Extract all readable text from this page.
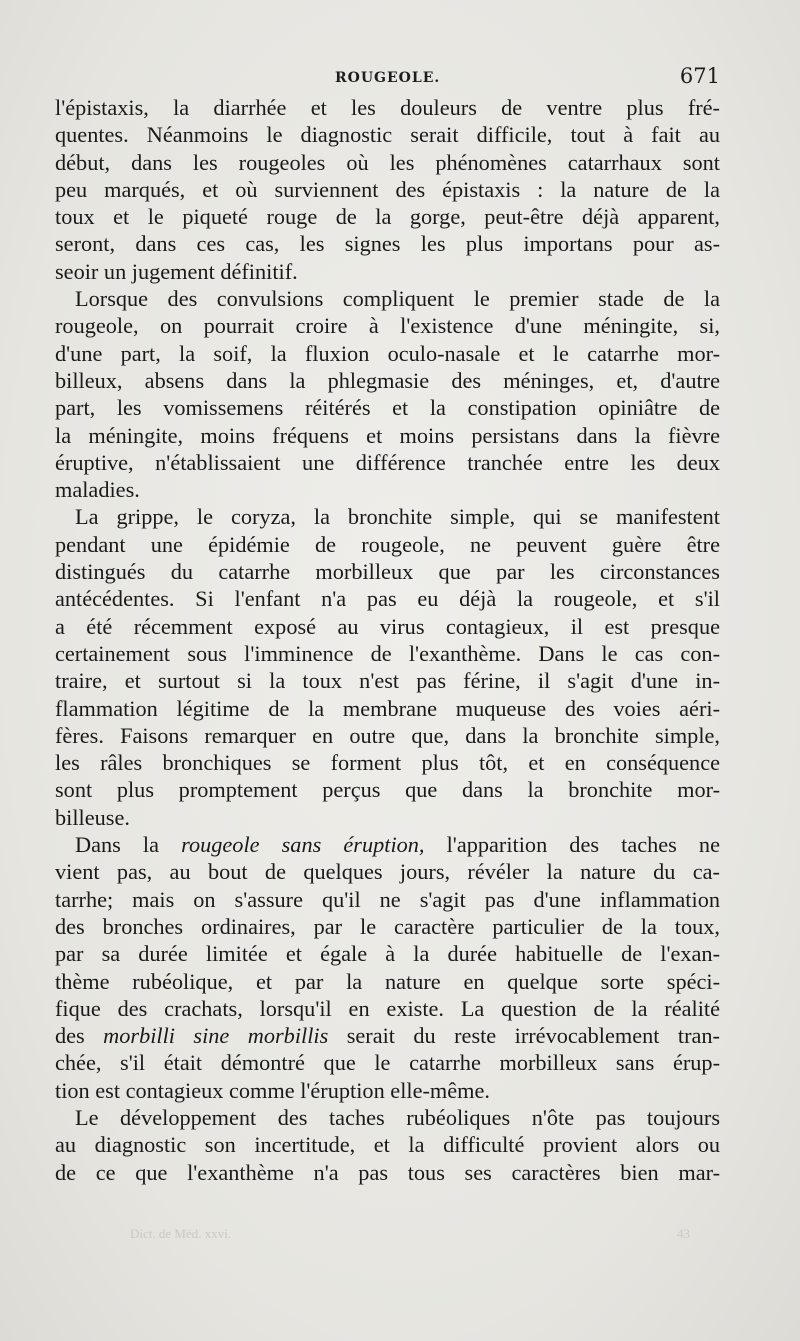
ROUGEOLE.	671

l'épistaxis, la diarrhée et les douleurs de ventre plus fré-
quentes. Néanmoins le diagnostic serait difficile, tout à fait au
début, dans les rougeoles où les phénomènes catarrhaux sont
peu marqués, et où surviennent des épistaxis : la nature de la
toux et le piqueté rouge de la gorge, peut-être déjà apparent,
seront, dans ces cas, les signes les plus importans pour as-
seoir un jugement définitif.

Lorsque des convulsions compliquent le premier stade de la
rougeole, on pourrait croire à l'existence d'une méningite, si,
d'une part, la soif, la fluxion oculo-nasale et le catarrhe mor-
billeux, absens dans la phlegmasie des méninges, et, d'autre
part, les vomissemens réitérés et la constipation opiniâtre de
la méningite, moins fréquens et moins persistans dans la fièvre
éruptive, n'établissaient une différence tranchée entre les deux
maladies.

La grippe, le coryza, la bronchite simple, qui se manifestent
pendant une épidémie de rougeole, ne peuvent guère être
distingués du catarrhe morbilleux que par les circonstances
antécédentes. Si l'enfant n'a pas eu déjà la rougeole, et s'il
a été récemment exposé au virus contagieux, il est presque
certainement sous l'imminence de l'exanthème. Dans le cas con-
traire, et surtout si la toux n'est pas férine, il s'agit d'une in-
flammation légitime de la membrane muqueuse des voies aéri-
fères. Faisons remarquer en outre que, dans la bronchite simple,
les râles bronchiques se forment plus tôt, et en conséquence
sont plus promptement perçus que dans la bronchite mor-
billeuse.

Dans la rougeole sans éruption, l'apparition des taches ne
vient pas, au bout de quelques jours, révéler la nature du ca-
tarrhe; mais on s'assure qu'il ne s'agit pas d'une inflammation
des bronches ordinaires, par le caractère particulier de la toux,
par sa durée limitée et égale à la durée habituelle de l'exan-
thème rubéolique, et par la nature en quelque sorte spéci-
fique des crachats, lorsqu'il en existe. La question de la réalité
des morbilli sine morbillis serait du reste irrévocablement tran-
chée, s'il était démontré que le catarrhe morbilleux sans érup-
tion est contagieux comme l'éruption elle-même.

Le développement des taches rubéoliques n'ôte pas toujours
au diagnostic son incertitude, et la difficulté provient alors ou
de ce que l'exanthème n'a pas tous ses caractères bien mar-

Dict. de Méd. xxvi.	43
